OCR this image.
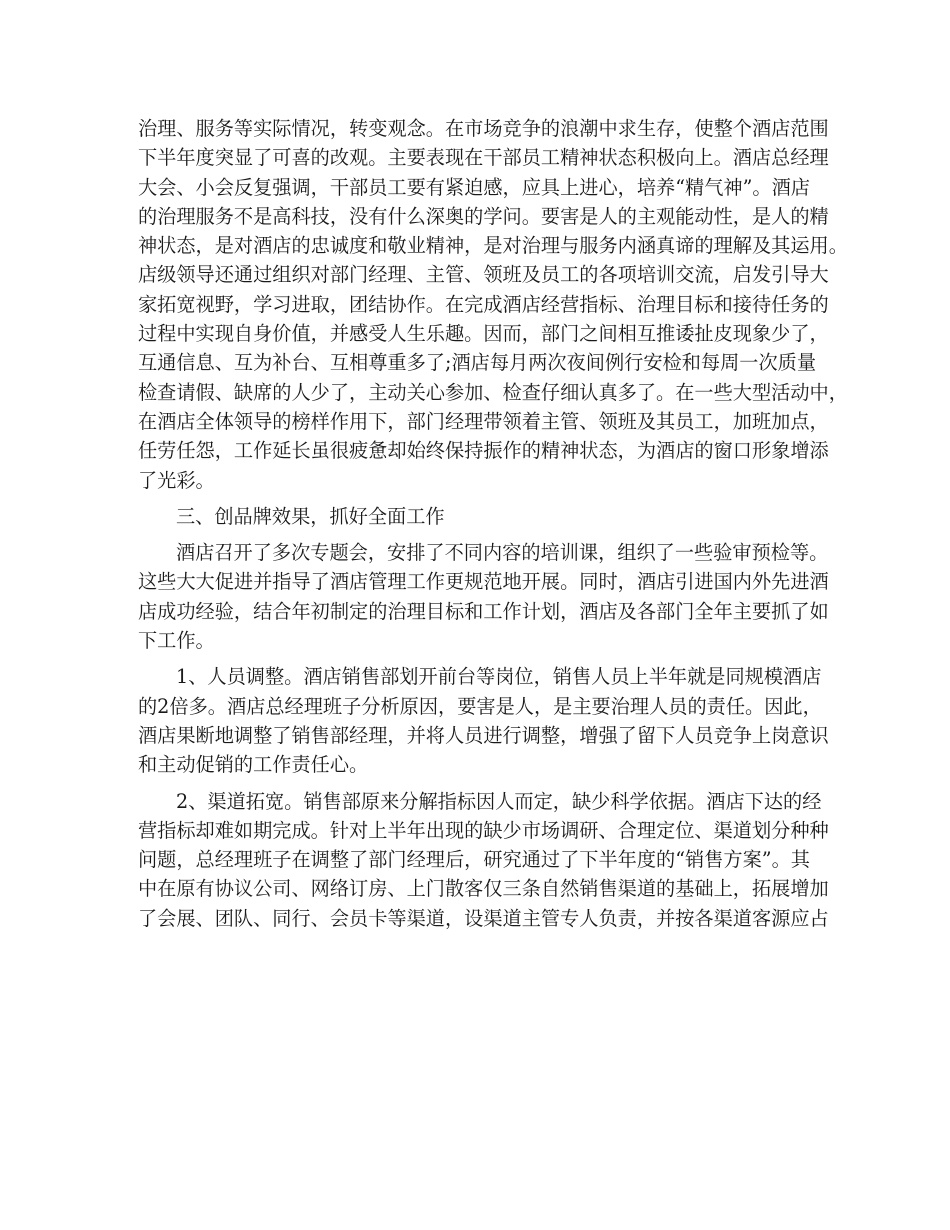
治理、服务等实际情况，转变观念。在市场竞争的浪潮中求生存，使整个酒店范围
下半年度突显了可喜的改观。主要表现在干部员工精神状态积极向上。酒店总经理
大会、小会反复强调，干部员工要有紧迫感，应具上进心，培养“精气神”。酒店
的治理服务不是高科技，没有什么深奥的学问。要害是人的主观能动性，是人的精
神状态，是对酒店的忠诚度和敬业精神，是对治理与服务内涵真谛的理解及其运用。
店级领导还通过组织对部门经理、主管、领班及员工的各项培训交流，启发引导大
家拓宽视野，学习进取，团结协作。在完成酒店经营指标、治理目标和接待任务的
过程中实现自身价值，并感受人生乐趣。因而，部门之间相互推诿扯皮现象少了，
互通信息、互为补台、互相尊重多了;酒店每月两次夜间例行安检和每周一次质量
检查请假、缺席的人少了，主动关心参加、检查仔细认真多了。在一些大型活动中，
在酒店全体领导的榜样作用下，部门经理带领着主管、领班及其员工，加班加点，
任劳任怨，工作延长虽很疲惫却始终保持振作的精神状态，为酒店的窗口形象增添
了光彩。
三、创品牌效果，抓好全面工作
酒店召开了多次专题会，安排了不同内容的培训课，组织了一些验审预检等。
这些大大促进并指导了酒店管理工作更规范地开展。同时，酒店引进国内外先进酒
店成功经验，结合年初制定的治理目标和工作计划，酒店及各部门全年主要抓了如
下工作。
1、人员调整。酒店销售部划开前台等岗位，销售人员上半年就是同规模酒店
的2倍多。酒店总经理班子分析原因，要害是人，是主要治理人员的责任。因此，
酒店果断地调整了销售部经理，并将人员进行调整，增强了留下人员竞争上岗意识
和主动促销的工作责任心。
2、渠道拓宽。销售部原来分解指标因人而定，缺少科学依据。酒店下达的经
营指标却难如期完成。针对上半年出现的缺少市场调研、合理定位、渠道划分种种
问题，总经理班子在调整了部门经理后，研究通过了下半年度的“销售方案”。其
中在原有协议公司、网络订房、上门散客仅三条自然销售渠道的基础上，拓展增加
了会展、团队、同行、会员卡等渠道，设渠道主管专人负责，并按各渠道客源应占
